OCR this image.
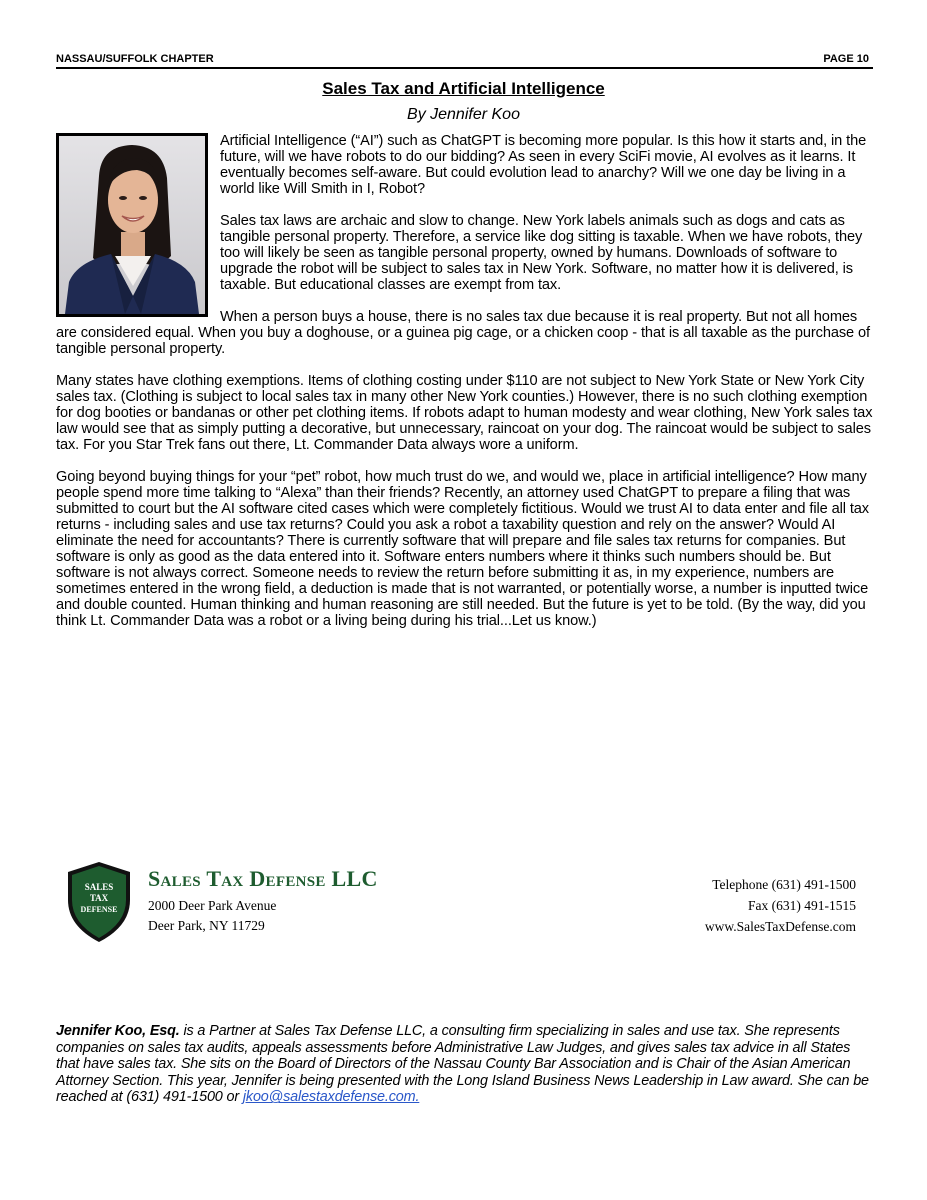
NASSAU/SUFFOLK CHAPTER	PAGE 10
Sales Tax and Artificial Intelligence
By Jennifer Koo

Artificial Intelligence (“AI”) such as ChatGPT is becoming more popular. Is this how it starts and, in the future, will we have robots to do our bidding? As seen in every SciFi movie, AI evolves as it learns. It eventually becomes self-aware. But could evolution lead to anarchy? Will we one day be living in a world like Will Smith in I, Robot?

Sales tax laws are archaic and slow to change. New York labels animals such as dogs and cats as tangible personal property. Therefore, a service like dog sitting is taxable. When we have robots, they too will likely be seen as tangible personal property, owned by humans. Downloads of software to upgrade the robot will be subject to sales tax in New York. Software, no matter how it is delivered, is taxable. But educational classes are exempt from tax.

When a person buys a house, there is no sales tax due because it is real property. But not all homes are considered equal. When you buy a doghouse, or a guinea pig cage, or a chicken coop - that is all taxable as the purchase of tangible personal property.

Many states have clothing exemptions. Items of clothing costing under $110 are not subject to New York State or New York City sales tax. (Clothing is subject to local sales tax in many other New York counties.) However, there is no such clothing exemption for dog booties or bandanas or other pet clothing items. If robots adapt to human modesty and wear clothing, New York sales tax law would see that as simply putting a decorative, but unnecessary, raincoat on your dog. The raincoat would be subject to sales tax. For you Star Trek fans out there, Lt. Commander Data always wore a uniform.

Going beyond buying things for your “pet” robot, how much trust do we, and would we, place in artificial intelligence? How many people spend more time talking to “Alexa” than their friends? Recently, an attorney used ChatGPT to prepare a filing that was submitted to court but the AI software cited cases which were completely fictitious. Would we trust AI to data enter and file all tax returns - including sales and use tax returns? Could you ask a robot a taxability question and rely on the answer? Would AI eliminate the need for accountants? There is currently software that will prepare and file sales tax returns for companies. But software is only as good as the data entered into it. Software enters numbers where it thinks such numbers should be. But software is not always correct. Someone needs to review the return before submitting it as, in my experience, numbers are sometimes entered in the wrong field, a deduction is made that is not warranted, or potentially worse, a number is inputted twice and double counted. Human thinking and human reasoning are still needed. But the future is yet to be told. (By the way, did you think Lt. Commander Data was a robot or a living being during his trial...Let us know.)

SALES
TAX
DEFENSE
Sales Tax Defense LLC
2000 Deer Park Avenue
Deer Park, NY 11729
Telephone (631) 491-1500
Fax (631) 491-1515
www.SalesTaxDefense.com
Jennifer Koo, Esq. is a Partner at Sales Tax Defense LLC, a consulting firm specializing in sales and use tax. She represents companies on sales tax audits, appeals assessments before Administrative Law Judges, and gives sales tax advice in all States that have sales tax. She sits on the Board of Directors of the Nassau County Bar Association and is Chair of the Asian American Attorney Section. This year, Jennifer is being presented with the Long Island Business News Leadership in Law award. She can be reached at (631) 491-1500 or jkoo@salestaxdefense.com.
